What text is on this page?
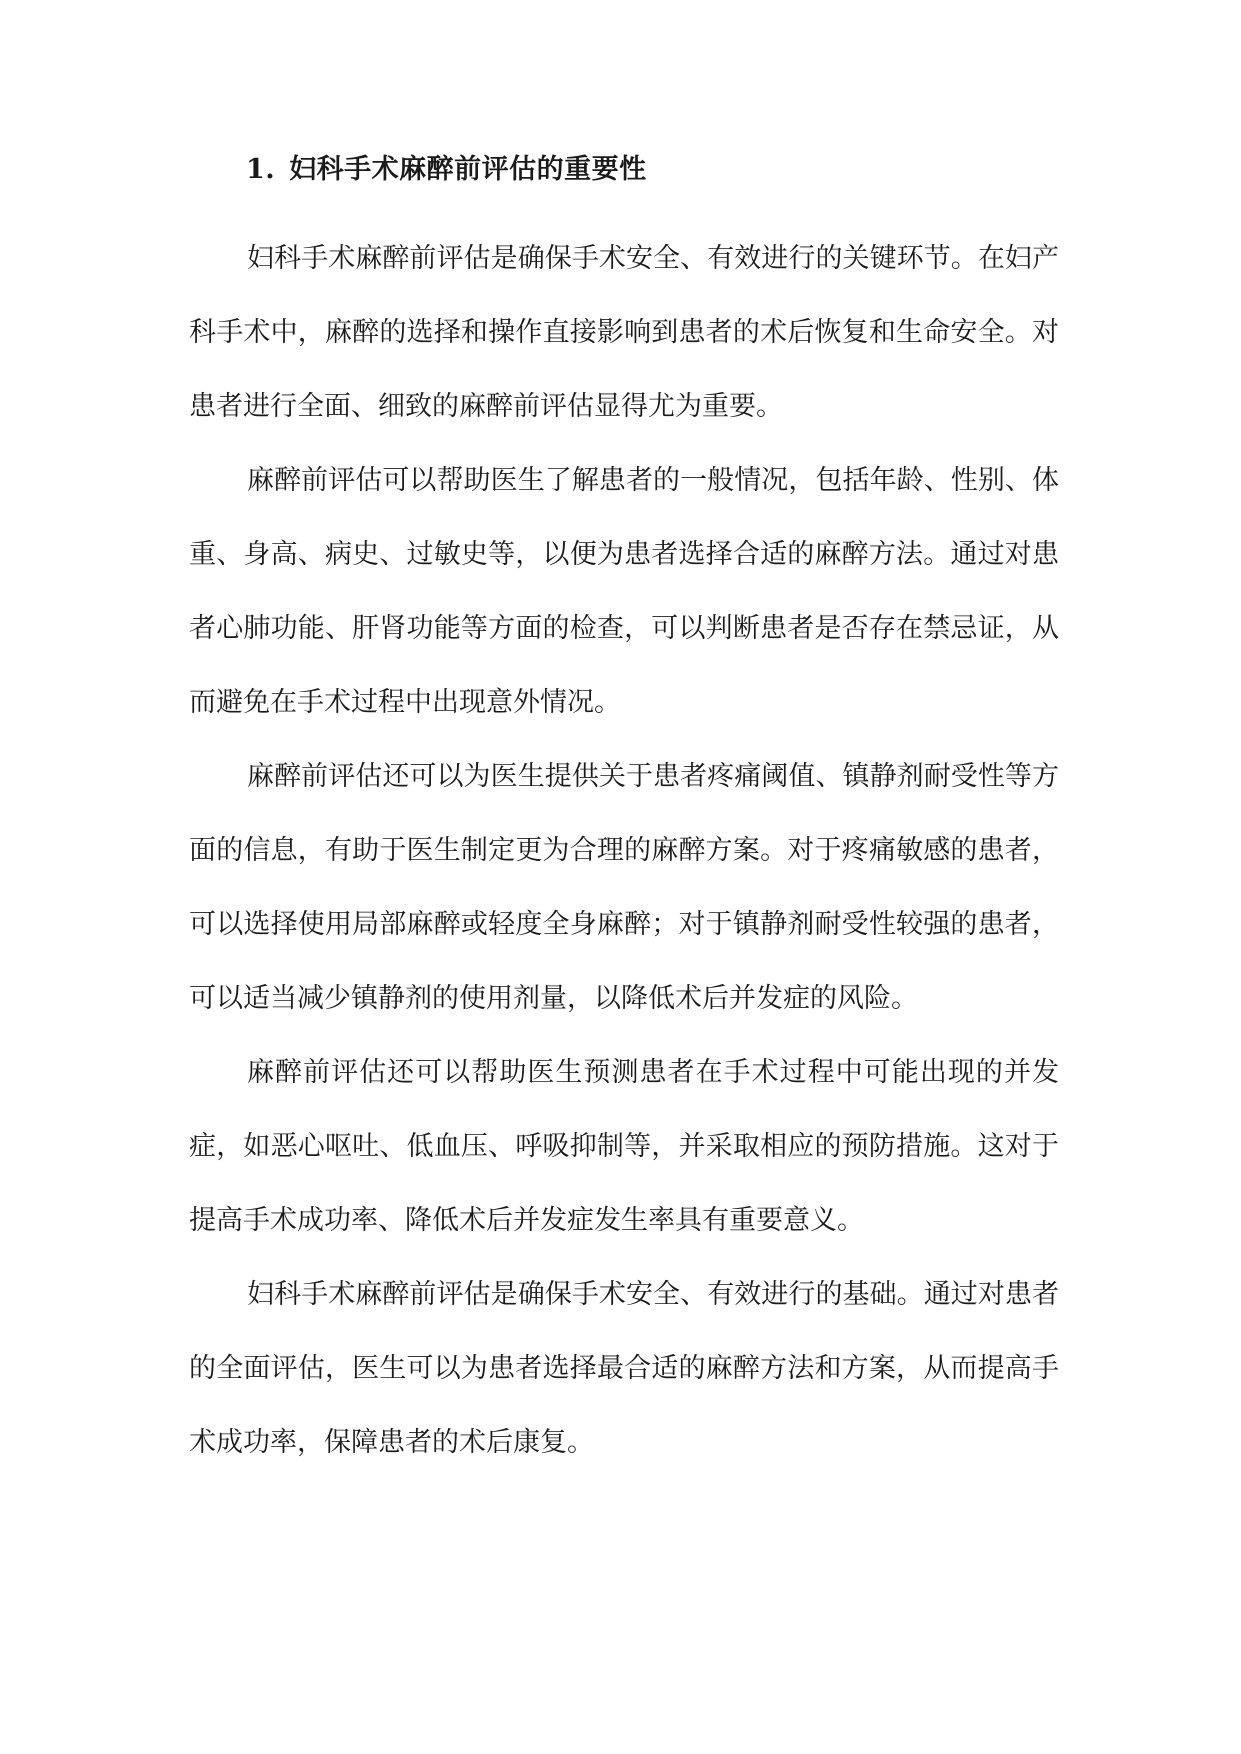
1. 妇科手术麻醉前评估的重要性

妇科手术麻醉前评估是确保手术安全、有效进行的关键环节。在妇产科手术中，麻醉的选择和操作直接影响到患者的术后恢复和生命安全。对患者进行全面、细致的麻醉前评估显得尤为重要。

麻醉前评估可以帮助医生了解患者的一般情况，包括年龄、性别、体重、身高、病史、过敏史等，以便为患者选择合适的麻醉方法。通过对患者心肺功能、肝肾功能等方面的检查，可以判断患者是否存在禁忌证，从而避免在手术过程中出现意外情况。

麻醉前评估还可以为医生提供关于患者疼痛阈值、镇静剂耐受性等方面的信息，有助于医生制定更为合理的麻醉方案。对于疼痛敏感的患者，可以选择使用局部麻醉或轻度全身麻醉；对于镇静剂耐受性较强的患者，可以适当减少镇静剂的使用剂量，以降低术后并发症的风险。

麻醉前评估还可以帮助医生预测患者在手术过程中可能出现的并发症，如恶心呕吐、低血压、呼吸抑制等，并采取相应的预防措施。这对于提高手术成功率、降低术后并发症发生率具有重要意义。

妇科手术麻醉前评估是确保手术安全、有效进行的基础。通过对患者的全面评估，医生可以为患者选择最合适的麻醉方法和方案，从而提高手术成功率，保障患者的术后康复。
